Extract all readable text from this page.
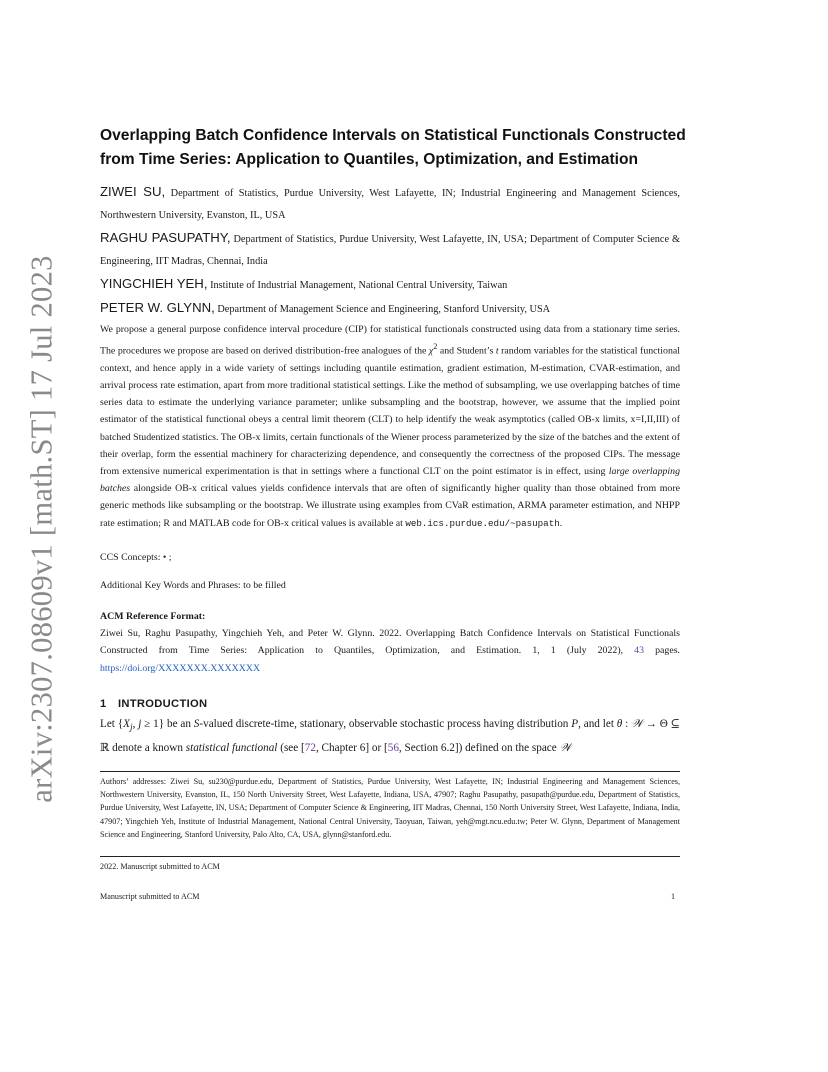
arXiv:2307.08609v1 [math.ST] 17 Jul 2023
Overlapping Batch Confidence Intervals on Statistical Functionals Constructed from Time Series: Application to Quantiles, Optimization, and Estimation
ZIWEI SU, Department of Statistics, Purdue University, West Lafayette, IN; Industrial Engineering and Management Sciences, Northwestern University, Evanston, IL, USA
RAGHU PASUPATHY, Department of Statistics, Purdue University, West Lafayette, IN, USA; Department of Computer Science & Engineering, IIT Madras, Chennai, India
YINGCHIEH YEH, Institute of Industrial Management, National Central University, Taiwan
PETER W. GLYNN, Department of Management Science and Engineering, Stanford University, USA
We propose a general purpose confidence interval procedure (CIP) for statistical functionals constructed using data from a stationary time series. The procedures we propose are based on derived distribution-free analogues of the $\chi^2$ and Student’s t random variables for the statistical functional context, and hence apply in a wide variety of settings including quantile estimation, gradient estimation, M-estimation, CVAR-estimation, and arrival process rate estimation, apart from more traditional statistical settings. Like the method of subsampling, we use overlapping batches of time series data to estimate the underlying variance parameter; unlike subsampling and the bootstrap, however, we assume that the implied point estimator of the statistical functional obeys a central limit theorem (CLT) to help identify the weak asymptotics (called OB-x limits, x=I,II,III) of batched Studentized statistics. The OB-x limits, certain functionals of the Wiener process parameterized by the size of the batches and the extent of their overlap, form the essential machinery for characterizing dependence, and consequently the correctness of the proposed CIPs. The message from extensive numerical experimentation is that in settings where a functional CLT on the point estimator is in effect, using large overlapping batches alongside OB-x critical values yields confidence intervals that are often of significantly higher quality than those obtained from more generic methods like subsampling or the bootstrap. We illustrate using examples from CVaR estimation, ARMA parameter estimation, and NHPP rate estimation; R and MATLAB code for OB-x critical values is available at web.ics.purdue.edu/~pasupath.
CCS Concepts: • ;
Additional Key Words and Phrases: to be filled
ACM Reference Format:
Ziwei Su, Raghu Pasupathy, Yingchieh Yeh, and Peter W. Glynn. 2022. Overlapping Batch Confidence Intervals on Statistical Functionals Constructed from Time Series: Application to Quantiles, Optimization, and Estimation. 1, 1 (July 2022), 43 pages. https://doi.org/XXXXXXX.XXXXXXX
1 INTRODUCTION
Let {$X_j$, j ≥ 1} be an S-valued discrete-time, stationary, observable stochastic process having distribution P, and let θ : 𝒲 → Θ ⊆ ℝ denote a known statistical functional (see [72, Chapter 6] or [56, Section 6.2]) defined on the space 𝒲
Authors’ addresses: Ziwei Su, su230@purdue.edu, Department of Statistics, Purdue University, West Lafayette, IN; Industrial Engineering and Management Sciences, Northwestern University, Evanston, IL, 150 North University Street, West Lafayette, Indiana, USA, 47907; Raghu Pasupathy, pasupath@purdue.edu, Department of Statistics, Purdue University, West Lafayette, IN, USA; Department of Computer Science & Engineering, IIT Madras, Chennai, 150 North University Street, West Lafayette, Indiana, India, 47907; Yingchieh Yeh, Institute of Industrial Management, National Central University, Taoyuan, Taiwan, yeh@mgt.ncu.edu.tw; Peter W. Glynn, Department of Management Science and Engineering, Stanford University, Palo Alto, CA, USA, glynn@stanford.edu.
2022. Manuscript submitted to ACM
Manuscript submitted to ACM	1
